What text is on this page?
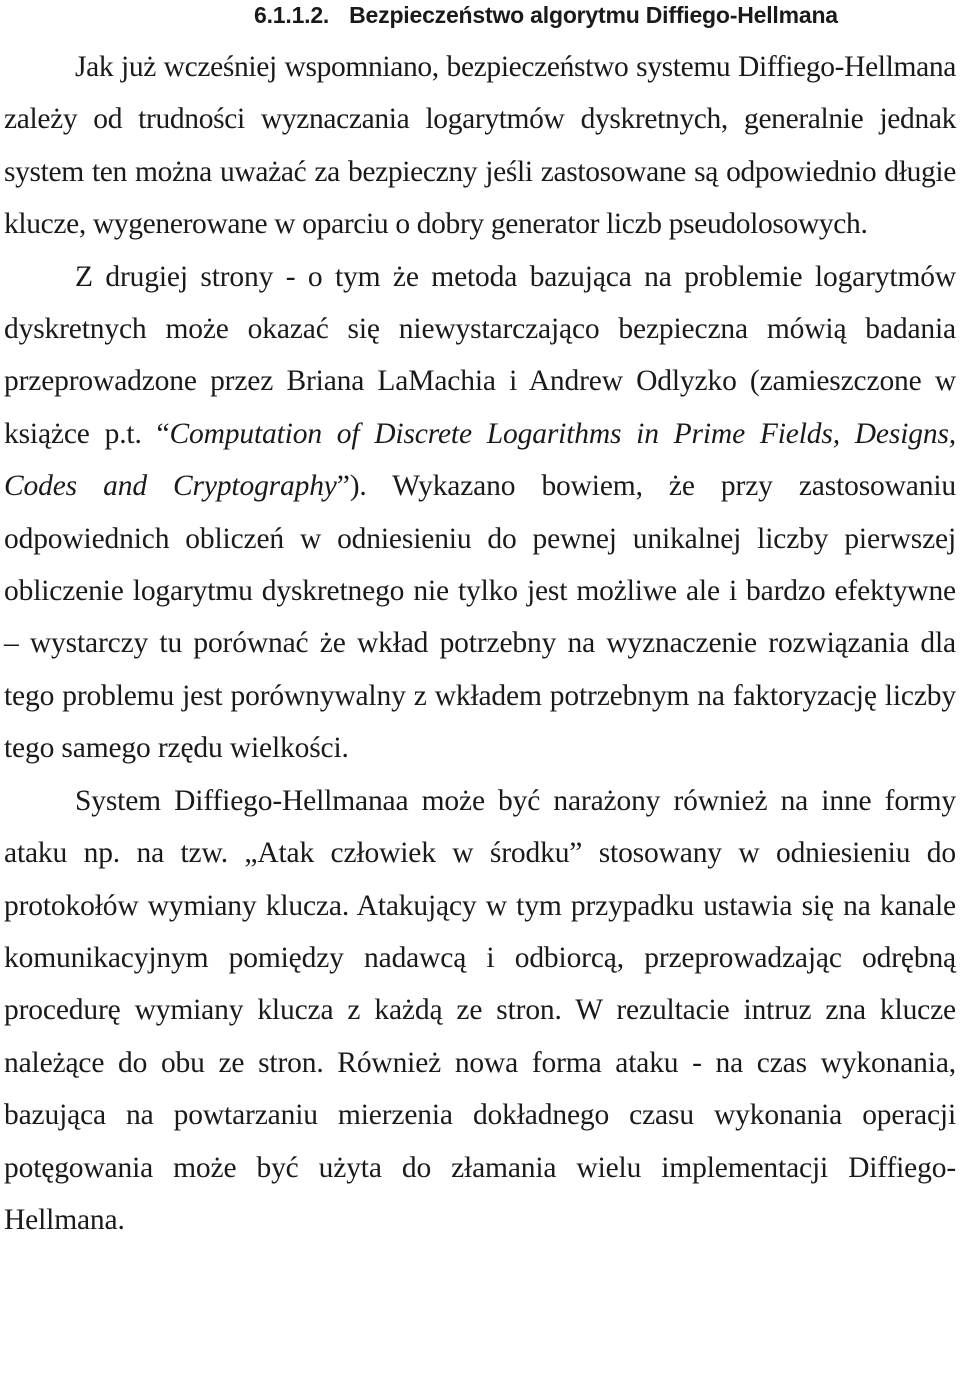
6.1.1.2. Bezpieczeństwo algorytmu Diffiego-Hellmana

Jak już wcześniej wspomniano, bezpieczeństwo systemu Diffiego-Hellmana zależy od trudności wyznaczania logarytmów dyskretnych, generalnie jednak system ten można uważać za bezpieczny jeśli zastosowane są odpowiednio długie klucze, wygenerowane w oparciu o dobry generator liczb pseudolosowych.

Z drugiej strony - o tym że metoda bazująca na problemie logarytmów dyskretnych może okazać się niewystarczająco bezpieczna mówią badania przeprowadzone przez Briana LaMachia i Andrew Odlyzko (zamieszczone w książce p.t. “Computation of Discrete Logarithms in Prime Fields, Designs, Codes and Cryptography”). Wykazano bowiem, że przy zastosowaniu odpowiednich obliczeń w odniesieniu do pewnej unikalnej liczby pierwszej obliczenie logarytmu dyskretnego nie tylko jest możliwe ale i bardzo efektywne – wystarczy tu porównać że wkład potrzebny na wyznaczenie rozwiązania dla tego problemu jest porównywalny z wkładem potrzebnym na faktoryzację liczby tego samego rzędu wielkości.

System Diffiego-Hellmanaa może być narażony również na inne formy ataku np. na tzw. „Atak człowiek w środku” stosowany w odniesieniu do protokołów wymiany klucza. Atakujący w tym przypadku ustawia się na kanale komunikacyjnym pomiędzy nadawcą i odbiorcą, przeprowadzając odrębną procedurę wymiany klucza z każdą ze stron. W rezultacie intruz zna klucze należące do obu ze stron. Również nowa forma ataku - na czas wykonania, bazująca na powtarzaniu mierzenia dokładnego czasu wykonania operacji potęgowania może być użyta do złamania wielu implementacji Diffiego-Hellmana.
